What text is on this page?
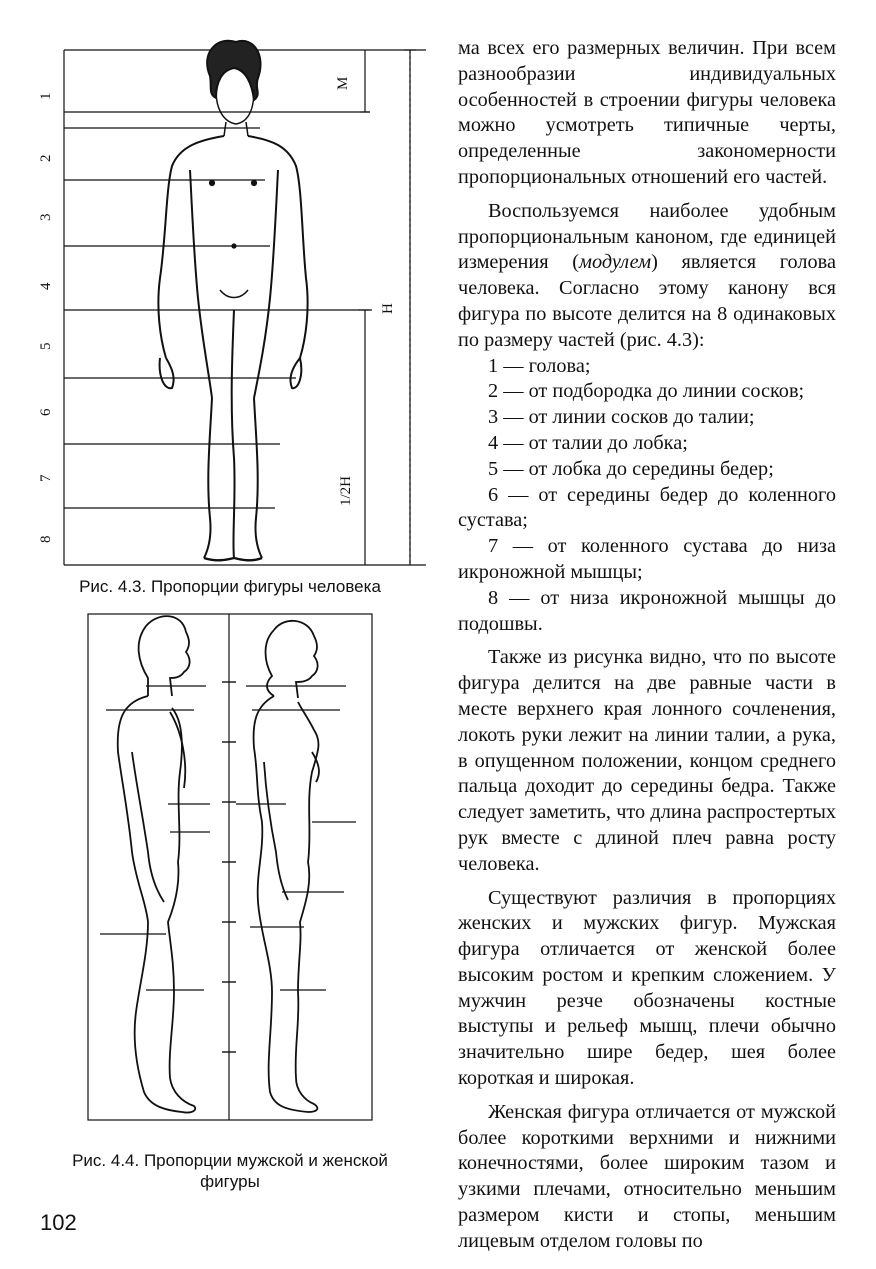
1
2
3
4
5
6
7
8
M
H
1/2H
Рис. 4.3. Пропорции фигуры человека
Рис. 4.4. Пропорции мужской и женской
фигуры

ма всех его размерных величин. При всем разнообразии индивидуальных особенностей в строении фигуры человека можно усмотреть типичные черты, определенные закономерности пропорциональных отношений его частей.

Воспользуемся наиболее удобным пропорциональным каноном, где единицей измерения (модулем) является голова человека. Согласно этому канону вся фигура по высоте делится на 8 одинаковых по размеру частей (рис. 4.3):

1 — голова;

2 — от подбородка до линии сосков;

3 — от линии сосков до талии;

4 — от талии до лобка;

5 — от лобка до середины бедер;

6 — от середины бедер до коленного сустава;

7 — от коленного сустава до низа икроножной мышцы;

8 — от низа икроножной мышцы до подошвы.

Также из рисунка видно, что по высоте фигура делится на две равные части в месте верхнего края лонного сочленения, локоть руки лежит на линии талии, а рука, в опущенном положении, концом среднего пальца доходит до середины бедра. Также следует заметить, что длина распростертых рук вместе с длиной плеч равна росту человека.

Существуют различия в пропорциях женских и мужских фигур. Мужская фигура отличается от женской более высоким ростом и крепким сложением. У мужчин резче обозначены костные выступы и рельеф мышц, плечи обычно значительно шире бедер, шея более короткая и широкая.

Женская фигура отличается от мужской более короткими верхними и нижними конечностями, более широким тазом и узкими плечами, относительно меньшим размером кисти и стопы, меньшим лицевым отделом головы по

102
